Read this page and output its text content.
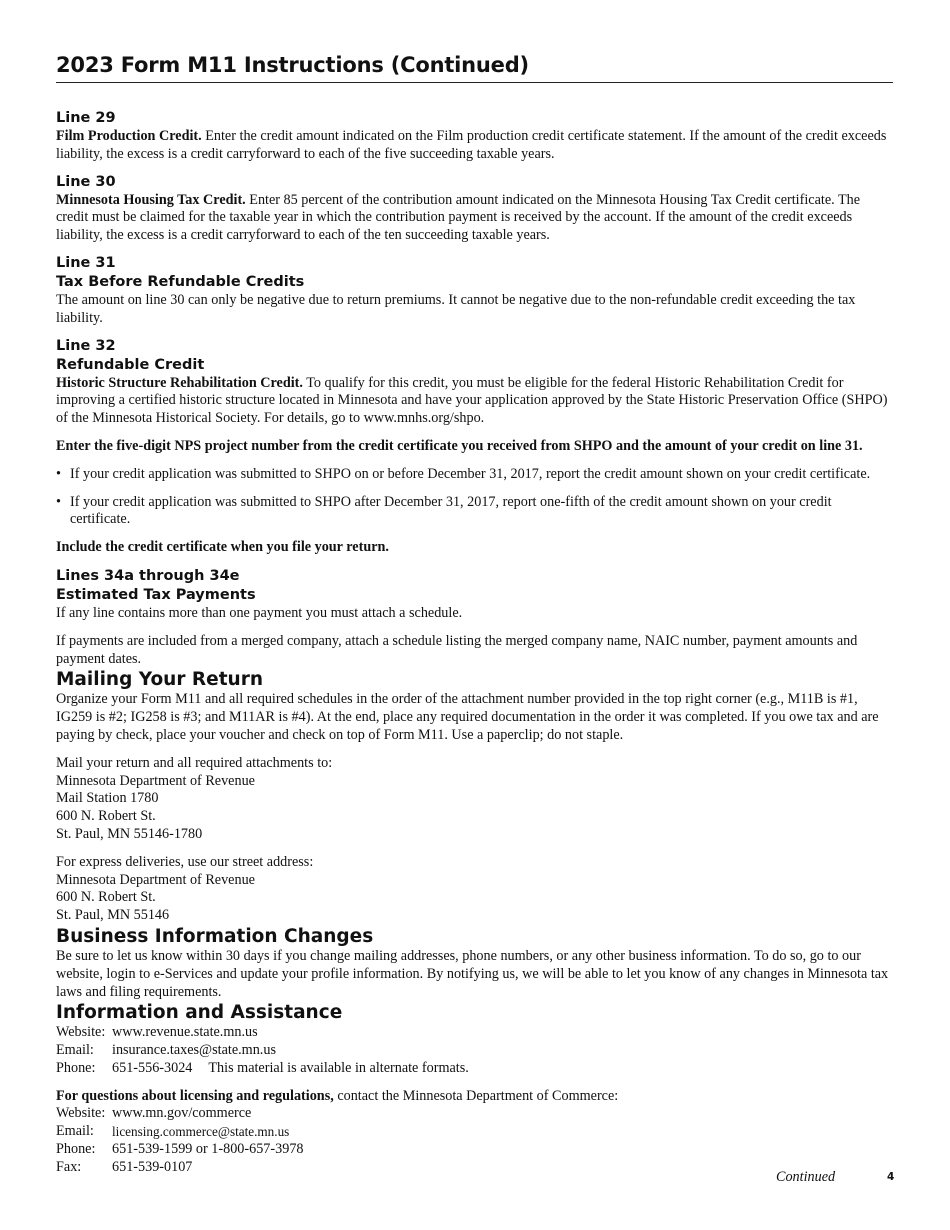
2023 Form M11 Instructions (Continued)
Line 29

Film Production Credit. Enter the credit amount indicated on the Film production credit certificate statement. If the amount of the credit exceeds liability, the excess is a credit carryforward to each of the five succeeding taxable years.

Line 30

Minnesota Housing Tax Credit. Enter 85 percent of the contribution amount indicated on the Minnesota Housing Tax Credit certificate. The credit must be claimed for the taxable year in which the contribution payment is received by the account. If the amount of the credit exceeds liability, the excess is a credit carryforward to each of the ten succeeding taxable years.

Line 31
Tax Before Refundable Credits

The amount on line 30 can only be negative due to return premiums. It cannot be negative due to the non-refundable credit exceeding the tax liability.

Line 32
Refundable Credit

Historic Structure Rehabilitation Credit. To qualify for this credit, you must be eligible for the federal Historic Rehabilitation Credit for improving a certified historic structure located in Minnesota and have your application approved by the State Historic Preservation Office (SHPO) of the Minnesota Historical Society. For details, go to www.mnhs.org/shpo.

Enter the five-digit NPS project number from the credit certificate you received from SHPO and the amount of your credit on line 31.

• If your credit application was submitted to SHPO on or before December 31, 2017, report the credit amount shown on your credit certificate.
• If your credit application was submitted to SHPO after December 31, 2017, report one-fifth of the credit amount shown on your credit certificate.

Include the credit certificate when you file your return.

Lines 34a through 34e
Estimated Tax Payments

If any line contains more than one payment you must attach a schedule.

If payments are included from a merged company, attach a schedule listing the merged company name, NAIC number, payment amounts and payment dates.

Mailing Your Return

Organize your Form M11 and all required schedules in the order of the attachment number provided in the top right corner (e.g., M11B is #1, IG259 is #2; IG258 is #3; and M11AR is #4). At the end, place any required documentation in the order it was completed. If you owe tax and are paying by check, place your voucher and check on top of Form M11. Use a paperclip; do not staple.

Mail your return and all required attachments to:
Minnesota Department of Revenue
Mail Station 1780
600 N. Robert St.
St. Paul, MN 55146-1780
For express deliveries, use our street address:
Minnesota Department of Revenue
600 N. Robert St.
St. Paul, MN 55146
Business Information Changes

Be sure to let us know within 30 days if you change mailing addresses, phone numbers, or any other business information. To do so, go to our website, login to e-Services and update your profile information. By notifying us, we will be able to let you know of any changes in Minnesota tax laws and filing requirements.

Information and Assistance
Website: www.revenue.state.mn.us
Email:	insurance.taxes@state.mn.us
Phone:	651-556-3024 This material is available in alternate formats.

For questions about licensing and regulations, contact the Minnesota Department of Commerce:

Website: www.mn.gov/commerce
Email:	licensing.commerce@state.mn.us
Phone:	651-539-1599 or 1-800-657-3978
Fax:	651-539-0107
Continued	4
